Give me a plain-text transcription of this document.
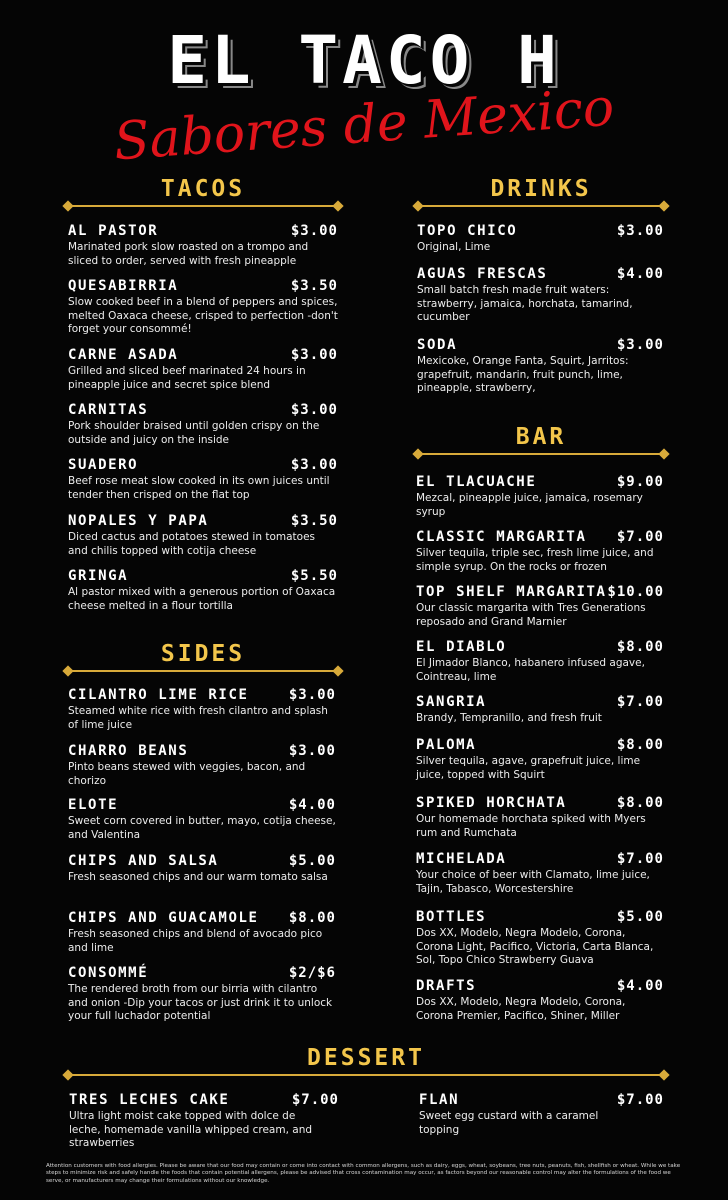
EL TACO H
Sabores de Mexico
TACOS
AL PASTOR	$3.00
Marinated pork slow roasted on a trompo and sliced to order, served with fresh pineapple
QUESABIRRIA	$3.50
Slow cooked beef in a blend of peppers and spices, melted Oaxaca cheese, crisped to perfection -don't forget your consommé!
CARNE ASADA	$3.00
Grilled and sliced beef marinated 24 hours in pineapple juice and secret spice blend
CARNITAS	$3.00
Pork shoulder braised until golden crispy on the outside and juicy on the inside
SUADERO	$3.00
Beef rose meat slow cooked in its own juices until tender then crisped on the flat top
NOPALES Y PAPA	$3.50
Diced cactus and potatoes stewed in tomatoes and chilis topped with cotija cheese
GRINGA	$5.50
Al pastor mixed with a generous portion of Oaxaca cheese melted in a flour tortilla
SIDES
CILANTRO LIME RICE	$3.00
Steamed white rice with fresh cilantro and splash of lime juice
CHARRO BEANS	$3.00
Pinto beans stewed with veggies, bacon, and chorizo
ELOTE	$4.00
Sweet corn covered in butter, mayo, cotija cheese, and Valentina
CHIPS AND SALSA	$5.00
Fresh seasoned chips and our warm tomato salsa
CHIPS AND GUACAMOLE $8.00
Fresh seasoned chips and blend of avocado pico and lime
CONSOMMÉ	$2/$6
The rendered broth from our birria with cilantro and onion -Dip your tacos or just drink it to unlock your full luchador potential
DRINKS
TOPO CHICO	$3.00
Original, Lime
AGUAS FRESCAS	$4.00
Small batch fresh made fruit waters: strawberry, jamaica, horchata, tamarind, cucumber
SODA	$3.00
Mexicoke, Orange Fanta, Squirt, Jarritos: grapefruit, mandarin, fruit punch, lime, pineapple, strawberry,
BAR
EL TLACUACHE	$9.00
Mezcal, pineapple juice, jamaica, rosemary syrup
CLASSIC MARGARITA $7.00
Silver tequila, triple sec, fresh lime juice, and simple syrup. On the rocks or frozen
TOP SHELF MARGARITA $10.00
Our classic margarita with Tres Generations reposado and Grand Marnier
EL DIABLO	$8.00
El Jimador Blanco, habanero infused agave, Cointreau, lime
SANGRIA	$7.00
Brandy, Tempranillo, and fresh fruit
PALOMA	$8.00
Silver tequila, agave, grapefruit juice, lime juice, topped with Squirt
SPIKED HORCHATA	$8.00
Our homemade horchata spiked with Myers rum and Rumchata
MICHELADA	$7.00
Your choice of beer with Clamato, lime juice, Tajin, Tabasco, Worcestershire
BOTTLES	$5.00
Dos XX, Modelo, Negra Modelo, Corona, Corona Light, Pacifico, Victoria, Carta Blanca, Sol, Topo Chico Strawberry Guava
DRAFTS	$4.00
Dos XX, Modelo, Negra Modelo, Corona, Corona Premier, Pacifico, Shiner, Miller
DESSERT
TRES LECHES CAKE	$7.00
Ultra light moist cake topped with dolce de leche, homemade vanilla whipped cream, and strawberries
FLAN	$7.00
Sweet egg custard with a caramel topping
Attention customers with food allergies. Please be aware that our food may contain or come into contact with common allergens, such as dairy, eggs, wheat, soybeans, tree nuts, peanuts, fish, shellfish or wheat. While we take steps to minimize risk and safely handle the foods that contain potential allergens, please be advised that cross contamination may occur, as factors beyond our reasonable control may alter the formulations of the food we serve, or manufacturers may change their formulations without our knowledge.
